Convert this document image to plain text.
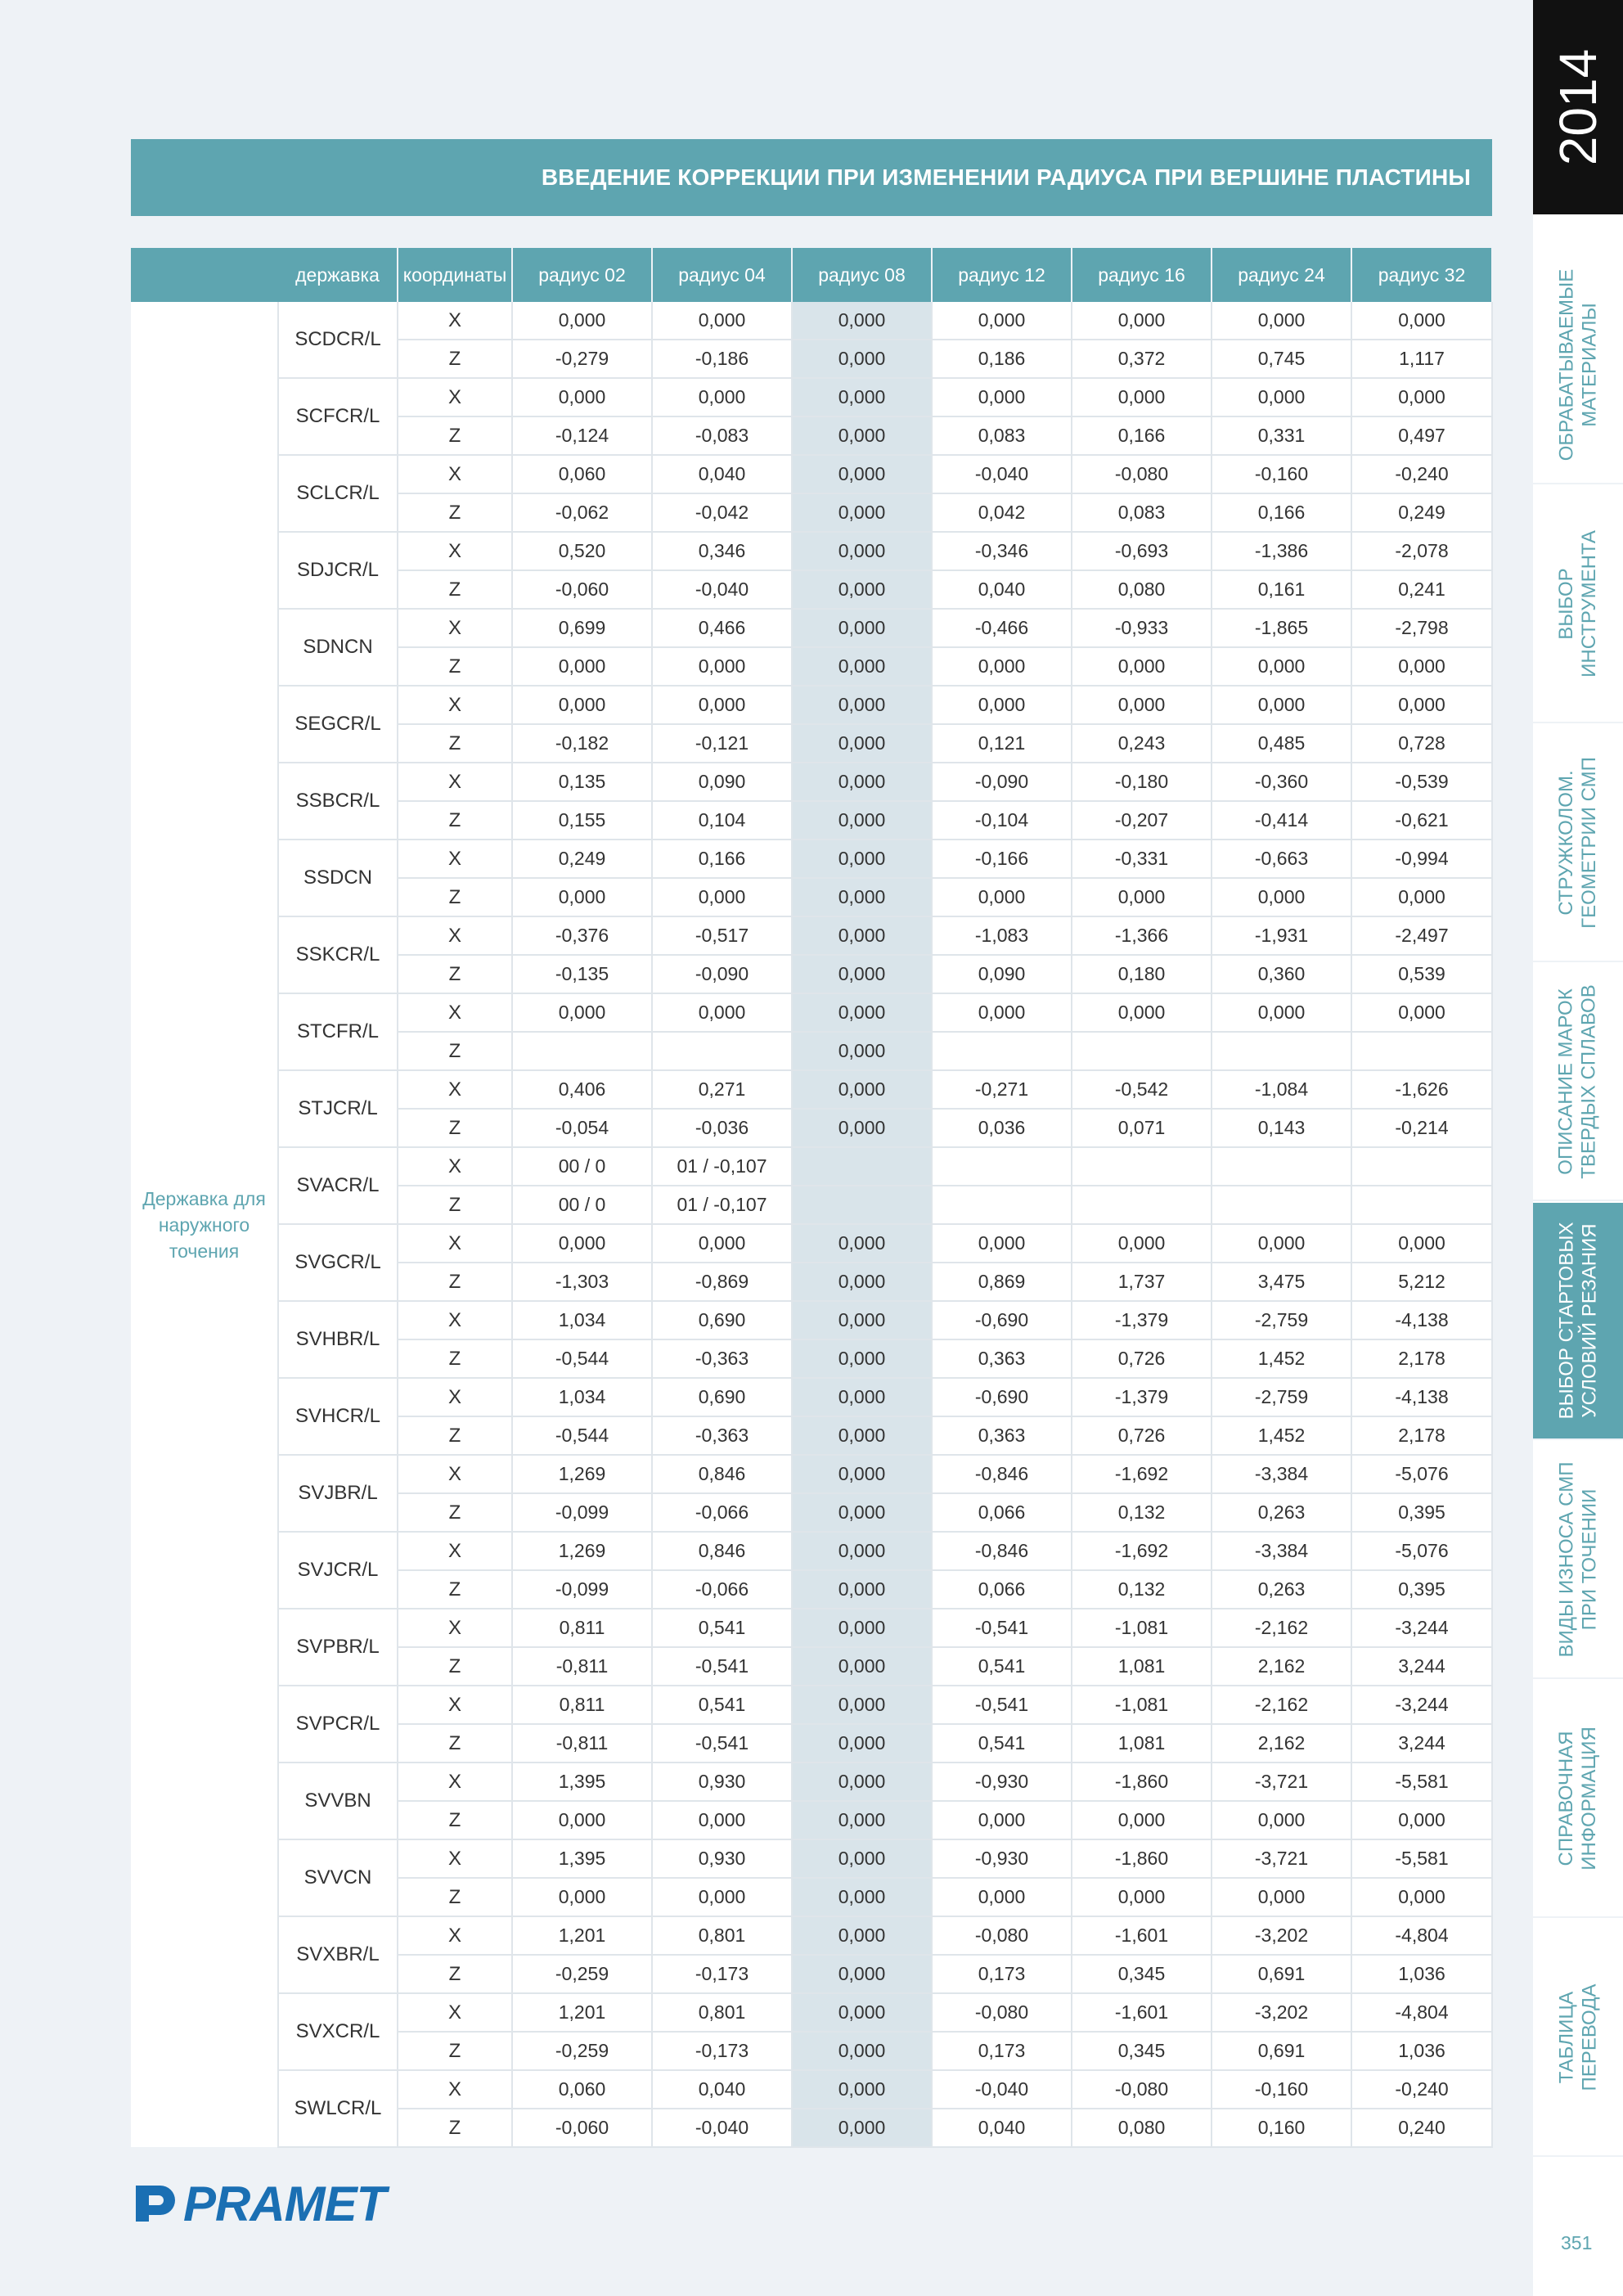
ВВЕДЕНИЕ КОРРЕКЦИИ ПРИ ИЗМЕНЕНИИ РАДИУСА ПРИ ВЕРШИНЕ ПЛАСТИНЫ
	державка	координаты	радиус 02	радиус 04	радиус 08	радиус 12	радиус 16	радиус 24	радиус 32
Державка для наружного точения	SCDCR/L	X	0,000	0,000	0,000	0,000	0,000	0,000	0,000
		Z	-0,279	-0,186	0,000	0,186	0,372	0,745	1,117
	SCFCR/L	X	0,000	0,000	0,000	0,000	0,000	0,000	0,000
		Z	-0,124	-0,083	0,000	0,083	0,166	0,331	0,497
	SCLCR/L	X	0,060	0,040	0,000	-0,040	-0,080	-0,160	-0,240
		Z	-0,062	-0,042	0,000	0,042	0,083	0,166	0,249
	SDJCR/L	X	0,520	0,346	0,000	-0,346	-0,693	-1,386	-2,078
		Z	-0,060	-0,040	0,000	0,040	0,080	0,161	0,241
	SDNCN	X	0,699	0,466	0,000	-0,466	-0,933	-1,865	-2,798
		Z	0,000	0,000	0,000	0,000	0,000	0,000	0,000
	SEGCR/L	X	0,000	0,000	0,000	0,000	0,000	0,000	0,000
		Z	-0,182	-0,121	0,000	0,121	0,243	0,485	0,728
	SSBCR/L	X	0,135	0,090	0,000	-0,090	-0,180	-0,360	-0,539
		Z	0,155	0,104	0,000	-0,104	-0,207	-0,414	-0,621
	SSDCN	X	0,249	0,166	0,000	-0,166	-0,331	-0,663	-0,994
		Z	0,000	0,000	0,000	0,000	0,000	0,000	0,000
	SSKCR/L	X	-0,376	-0,517	0,000	-1,083	-1,366	-1,931	-2,497
		Z	-0,135	-0,090	0,000	0,090	0,180	0,360	0,539
	STCFR/L	X	0,000	0,000	0,000	0,000	0,000	0,000	0,000
		Z			0,000				
	STJCR/L	X	0,406	0,271	0,000	-0,271	-0,542	-1,084	-1,626
		Z	-0,054	-0,036	0,000	0,036	0,071	0,143	-0,214
	SVACR/L	X	00 / 0	01 / -0,107					
		Z	00 / 0	01 / -0,107					
	SVGCR/L	X	0,000	0,000	0,000	0,000	0,000	0,000	0,000
		Z	-1,303	-0,869	0,000	0,869	1,737	3,475	5,212
	SVHBR/L	X	1,034	0,690	0,000	-0,690	-1,379	-2,759	-4,138
		Z	-0,544	-0,363	0,000	0,363	0,726	1,452	2,178
	SVHCR/L	X	1,034	0,690	0,000	-0,690	-1,379	-2,759	-4,138
		Z	-0,544	-0,363	0,000	0,363	0,726	1,452	2,178
	SVJBR/L	X	1,269	0,846	0,000	-0,846	-1,692	-3,384	-5,076
		Z	-0,099	-0,066	0,000	0,066	0,132	0,263	0,395
	SVJCR/L	X	1,269	0,846	0,000	-0,846	-1,692	-3,384	-5,076
		Z	-0,099	-0,066	0,000	0,066	0,132	0,263	0,395
	SVPBR/L	X	0,811	0,541	0,000	-0,541	-1,081	-2,162	-3,244
		Z	-0,811	-0,541	0,000	0,541	1,081	2,162	3,244
	SVPCR/L	X	0,811	0,541	0,000	-0,541	-1,081	-2,162	-3,244
		Z	-0,811	-0,541	0,000	0,541	1,081	2,162	3,244
	SVVBN	X	1,395	0,930	0,000	-0,930	-1,860	-3,721	-5,581
		Z	0,000	0,000	0,000	0,000	0,000	0,000	0,000
	SVVCN	X	1,395	0,930	0,000	-0,930	-1,860	-3,721	-5,581
		Z	0,000	0,000	0,000	0,000	0,000	0,000	0,000
	SVXBR/L	X	1,201	0,801	0,000	-0,080	-1,601	-3,202	-4,804
		Z	-0,259	-0,173	0,000	0,173	0,345	0,691	1,036
	SVXCR/L	X	1,201	0,801	0,000	-0,080	-1,601	-3,202	-4,804
		Z	-0,259	-0,173	0,000	0,173	0,345	0,691	1,036
	SWLCR/L	X	0,060	0,040	0,000	-0,040	-0,080	-0,160	-0,240
		Z	-0,060	-0,040	0,000	0,040	0,080	0,160	0,240
PRAMET
2014
ОБРАБАТЫВАЕМЫЕ МАТЕРИАЛЫ
ВЫБОР ИНСТРУМЕНТА
СТРУЖКОЛОМ. ГЕОМЕТРИИ СМП
ОПИСАНИЕ МАРОК ТВЕРДЫХ СПЛАВОВ
ВЫБОР СТАРТОВЫХ УСЛОВИЙ РЕЗАНИЯ
ВИДЫ ИЗНОСА СМП ПРИ ТОЧЕНИИ
СПРАВОЧНАЯ ИНФОРМАЦИЯ
ТАБЛИЦА ПЕРЕВОДА
351
